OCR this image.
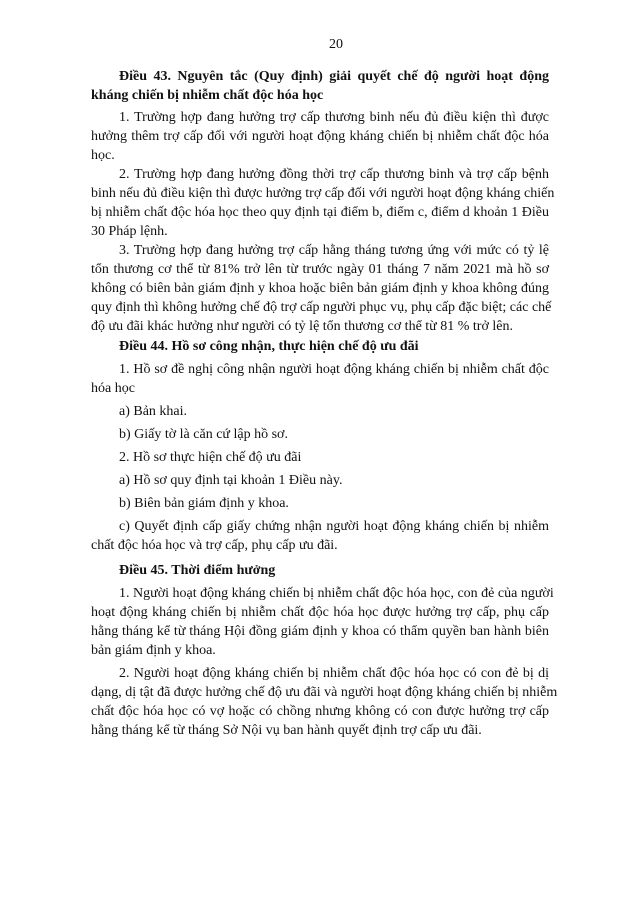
20
Điều 43. Nguyên tắc (Quy định) giải quyết chế độ người hoạt động
kháng chiến bị nhiễm chất độc hóa học
1. Trường hợp đang hưởng trợ cấp thương binh nếu đủ điều kiện thì được
hưởng thêm trợ cấp đối với người hoạt động kháng chiến bị nhiễm chất độc hóa
học.
2. Trường hợp đang hưởng đồng thời trợ cấp thương binh và trợ cấp bệnh
binh nếu đủ điều kiện thì được hưởng trợ cấp đối với người hoạt động kháng chiến
bị nhiễm chất độc hóa học theo quy định tại điểm b, điểm c, điểm d khoản 1 Điều
30 Pháp lệnh.
3. Trường hợp đang hưởng trợ cấp hằng tháng tương ứng với mức có tỷ lệ
tổn thương cơ thể từ 81% trở lên từ trước ngày 01 tháng 7 năm 2021 mà hồ sơ
không có biên bản giám định y khoa hoặc biên bản giám định y khoa không đúng
quy định thì không hưởng chế độ trợ cấp người phục vụ, phụ cấp đặc biệt; các chế
độ ưu đãi khác hưởng như người có tỷ lệ tổn thương cơ thể từ 81 % trở lên.
Điều 44. Hồ sơ công nhận, thực hiện chế độ ưu đãi
1. Hồ sơ đề nghị công nhận người hoạt động kháng chiến bị nhiễm chất độc
hóa học
a) Bản khai.
b) Giấy tờ là căn cứ lập hồ sơ.
2. Hồ sơ thực hiện chế độ ưu đãi
a) Hồ sơ quy định tại khoản 1 Điều này.
b) Biên bản giám định y khoa.
c) Quyết định cấp giấy chứng nhận người hoạt động kháng chiến bị nhiễm
chất độc hóa học và trợ cấp, phụ cấp ưu đãi.
Điều 45. Thời điểm hưởng
1. Người hoạt động kháng chiến bị nhiễm chất độc hóa học, con đẻ của người
hoạt động kháng chiến bị nhiễm chất độc hóa học được hưởng trợ cấp, phụ cấp
hằng tháng kể từ tháng Hội đồng giám định y khoa có thẩm quyền ban hành biên
bản giám định y khoa.
2. Người hoạt động kháng chiến bị nhiễm chất độc hóa học có con đẻ bị dị
dạng, dị tật đã được hưởng chế độ ưu đãi và người hoạt động kháng chiến bị nhiễm
chất độc hóa học có vợ hoặc có chồng nhưng không có con được hưởng trợ cấp
hằng tháng kể từ tháng Sở Nội vụ ban hành quyết định trợ cấp ưu đãi.
